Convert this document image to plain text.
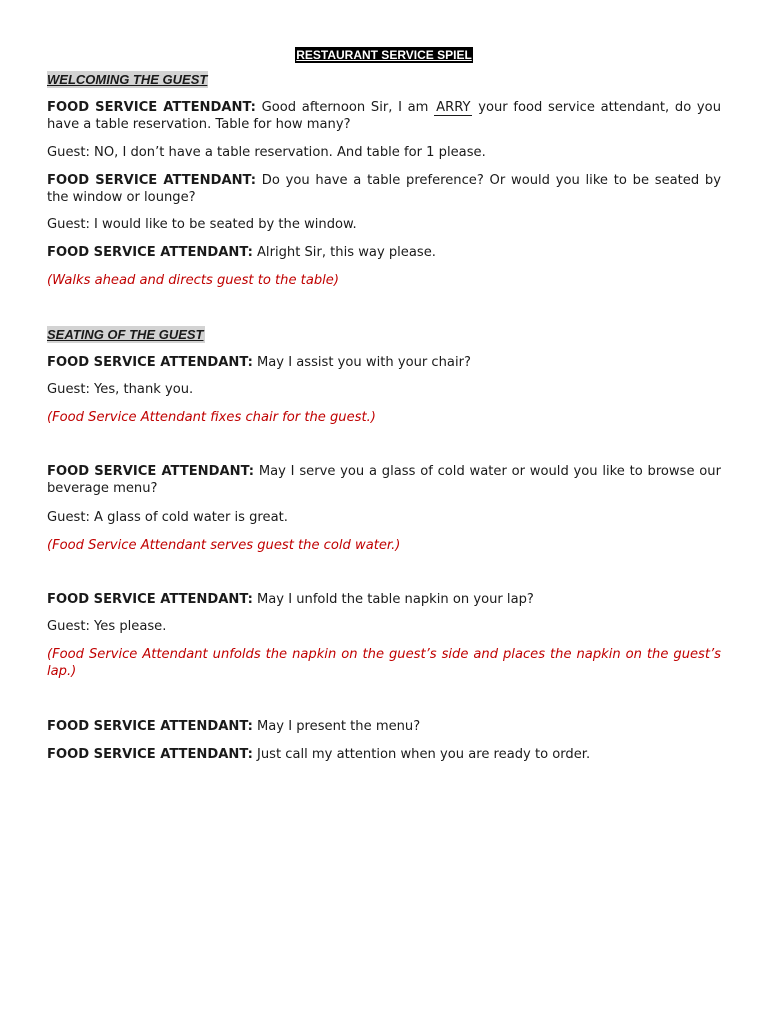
RESTAURANT SERVICE SPIEL
WELCOMING THE GUEST

FOOD SERVICE ATTENDANT: Good afternoon Sir, I am ARRY your food service attendant, do you have a table reservation. Table for how many?

Guest: NO, I don’t have a table reservation. And table for 1 please.

FOOD SERVICE ATTENDANT: Do you have a table preference? Or would you like to be seated by the window or lounge?

Guest: I would like to be seated by the window.

FOOD SERVICE ATTENDANT: Alright Sir, this way please.

(Walks ahead and directs guest to the table)

SEATING OF THE GUEST

FOOD SERVICE ATTENDANT: May I assist you with your chair?

Guest: Yes, thank you.

(Food Service Attendant fixes chair for the guest.)

FOOD SERVICE ATTENDANT: May I serve you a glass of cold water or would you like to browse our beverage menu?

Guest: A glass of cold water is great.

(Food Service Attendant serves guest the cold water.)

FOOD SERVICE ATTENDANT: May I unfold the table napkin on your lap?

Guest: Yes please.

(Food Service Attendant unfolds the napkin on the guest’s side and places the napkin on the guest’s lap.)

FOOD SERVICE ATTENDANT: May I present the menu?

FOOD SERVICE ATTENDANT: Just call my attention when you are ready to order.
